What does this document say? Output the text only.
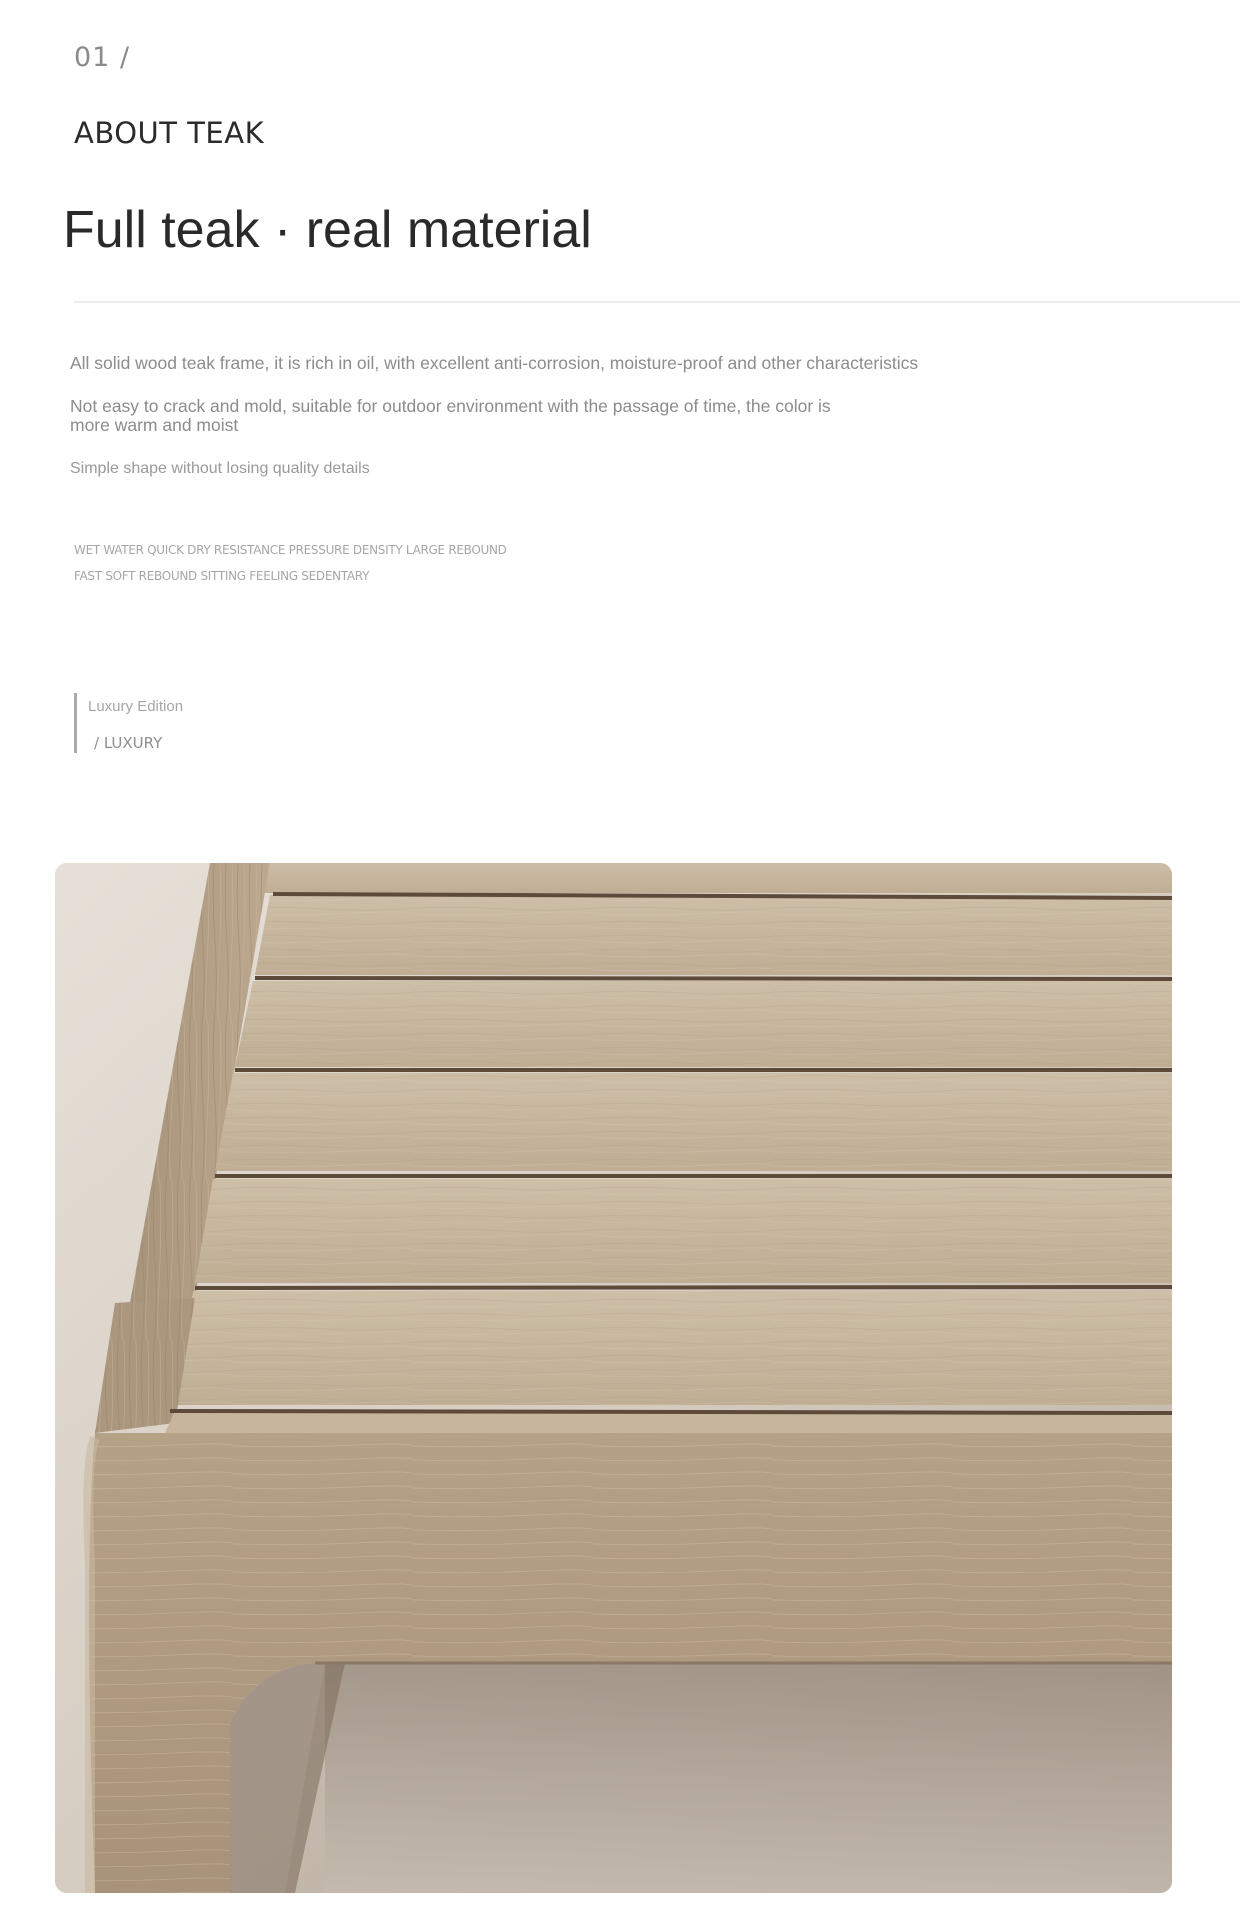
01 /
ABOUT TEAK
Full teak · real material
All solid wood teak frame, it is rich in oil, with excellent anti-corrosion, moisture-proof and other characteristics
Not easy to crack and mold, suitable for outdoor environment with the passage of time, the color is more warm and moist
Simple shape without losing quality details
WET WATER QUICK DRY RESISTANCE PRESSURE DENSITY LARGE REBOUND
FAST SOFT REBOUND SITTING FEELING SEDENTARY
Luxury Edition
/ LUXURY
